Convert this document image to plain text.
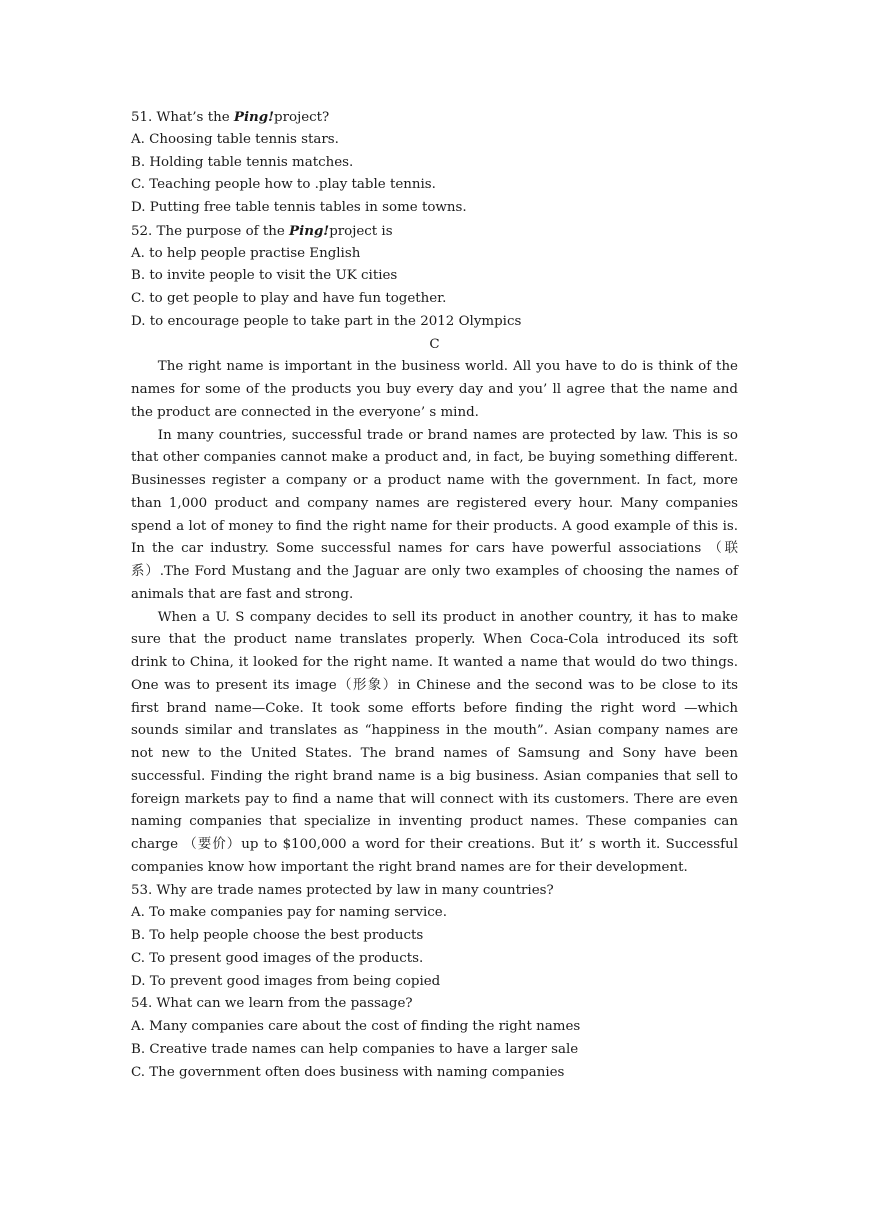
51. What’s the Ping!project?
A. Choosing table tennis stars.
B. Holding table tennis matches.
C. Teaching people how to .play table tennis.
D. Putting free table tennis tables in some towns.
52. The purpose of the Ping!project is
A. to help people practise English
B. to invite people to visit the UK cities
C. to get people to play and have fun together.
D. to encourage people to take part in the 2012 Olympics
C

The right name is important in the business world. All you have to do is think of the names for some of the products you buy every day and you’ ll agree that the name and the product are connected in the everyone’ s mind.

In many countries, successful trade or brand names are protected by law. This is so that other companies cannot make a product and, in fact, be buying something different. Businesses register a company or a product name with the government. In fact, more than 1,000 product and company names are registered every hour. Many companies spend a lot of money to find the right name for their products. A good example of this is. In the car industry. Some successful names for cars have powerful associations （联系）.The Ford Mustang and the Jaguar are only two examples of choosing the names of animals that are fast and strong.

When a U. S company decides to sell its product in another country, it has to make sure that the product name translates properly. When Coca-Cola introduced its soft drink to China, it looked for the right name. It wanted a name that would do two things. One was to present its image（形象）in Chinese and the second was to be close to its first brand name—Coke. It took some efforts before finding the right word —which sounds similar and translates as “happiness in the mouth”. Asian company names are not new to the United States. The brand names of Samsung and Sony have been successful. Finding the right brand name is a big business. Asian companies that sell to foreign markets pay to find a name that will connect with its customers. There are even naming companies that specialize in inventing product names. These companies can charge （要价）up to $100,000 a word for their creations. But it’ s worth it. Successful companies know how important the right brand names are for their development.

53. Why are trade names protected by law in many countries?
A. To make companies pay for naming service.
B. To help people choose the best products
C. To present good images of the products.
D. To prevent good images from being copied
54. What can we learn from the passage?
A. Many companies care about the cost of finding the right names
B. Creative trade names can help companies to have a larger sale
C. The government often does business with naming companies
